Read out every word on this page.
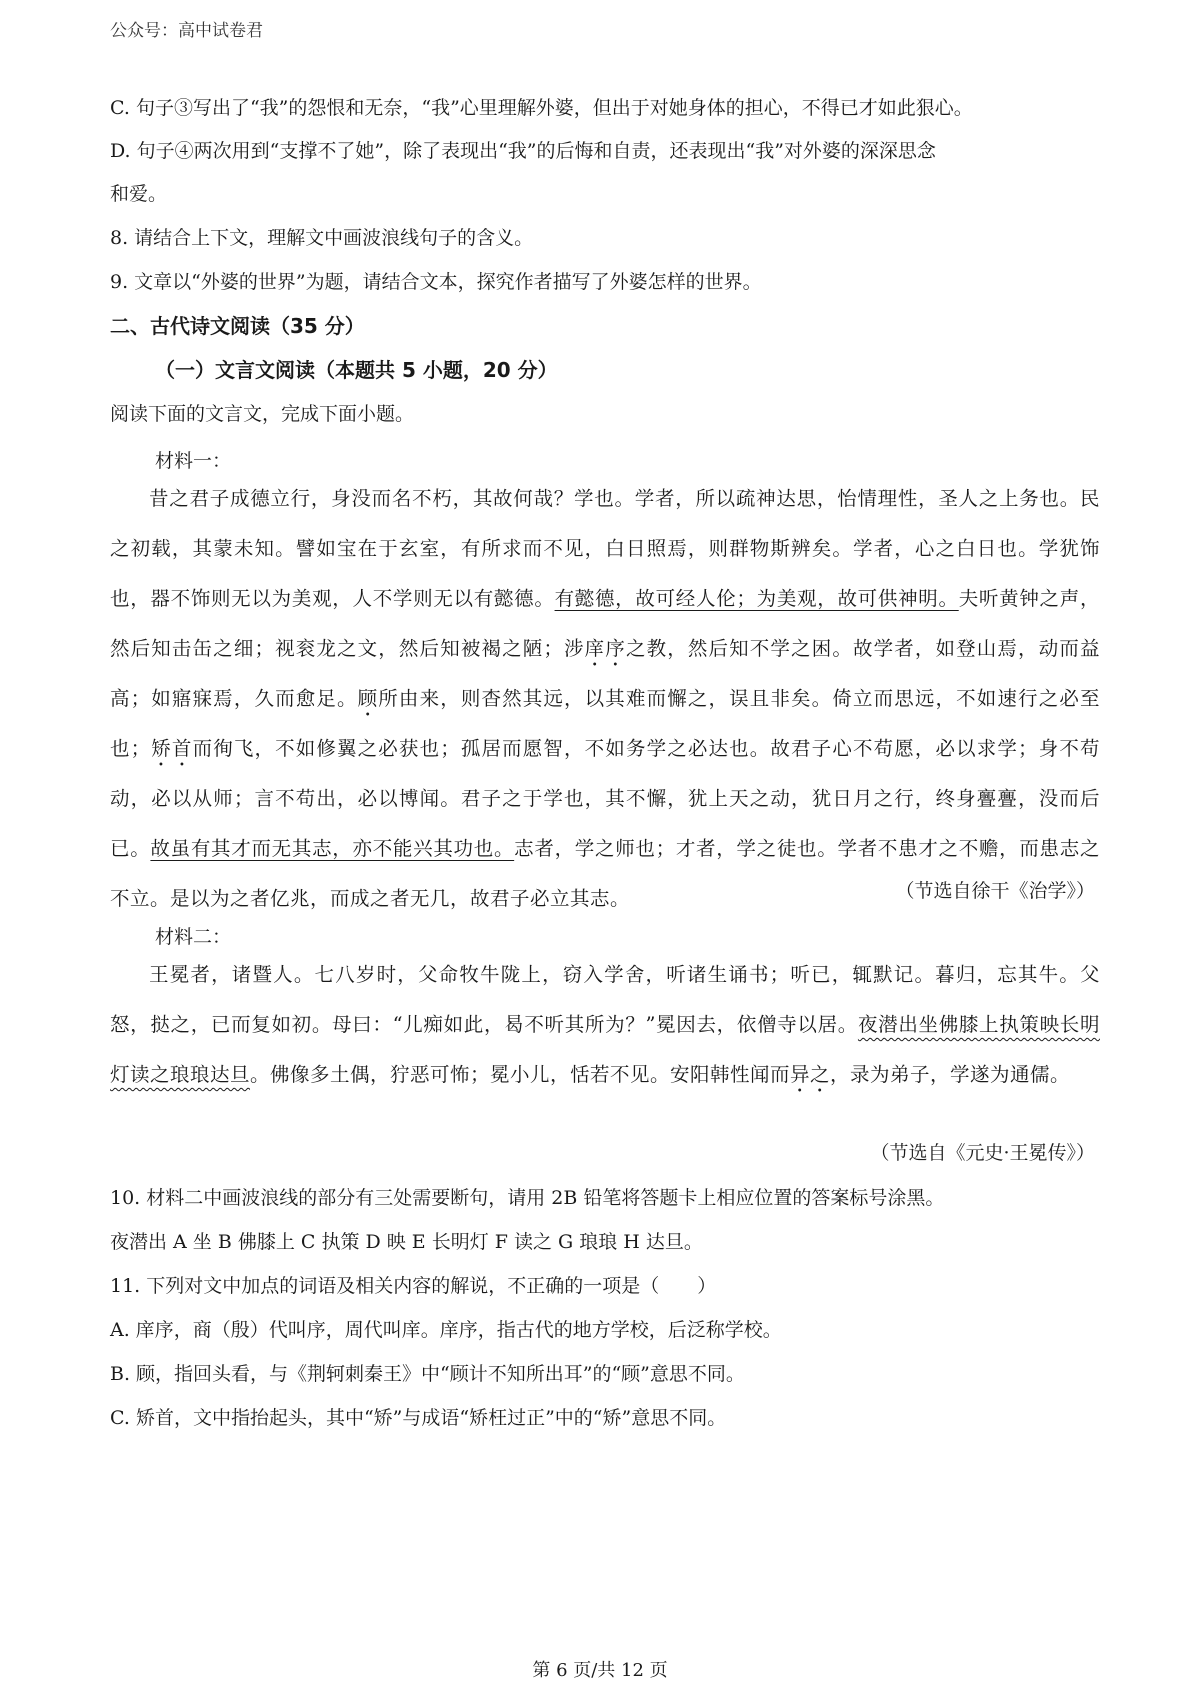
公众号：高中试卷君
C. 句子③写出了“我”的怨恨和无奈，“我”心里理解外婆，但出于对她身体的担心，不得已才如此狠心。
D. 句子④两次用到“支撑不了她”，除了表现出“我”的后悔和自责，还表现出“我”对外婆的深深思念
和爱。
8. 请结合上下文，理解文中画波浪线句子的含义。
9. 文章以“外婆的世界”为题，请结合文本，探究作者描写了外婆怎样的世界。
二、古代诗文阅读（35 分）
（一）文言文阅读（本题共 5 小题，20 分）
阅读下面的文言文，完成下面小题。
材料一：

昔之君子成德立行，身没而名不朽，其故何哉？学也。学者，所以疏神达思，怡情理性，圣人之上务也。民之初载，其蒙未知。譬如宝在于玄室，有所求而不见，白日照焉，则群物斯辨矣。学者，心之白日也。学犹饰也，器不饰则无以为美观，人不学则无以有懿德。有懿德，故可经人伦；为美观，故可供神明。夫听黄钟之声，然后知击缶之细；视衮龙之文，然后知被褐之陋；涉庠序之教，然后知不学之困。故学者，如登山焉，动而益高；如寤寐焉，久而愈足。顾所由来，则杳然其远，以其难而懈之，误且非矣。倚立而思远，不如速行之必至也；矫首而徇飞，不如修翼之必获也；孤居而愿智，不如务学之必达也。故君子心不苟愿，必以求学；身不苟动，必以从师；言不苟出，必以博闻。君子之于学也，其不懈，犹上天之动，犹日月之行，终身亹亹，没而后已。故虽有其才而无其志，亦不能兴其功也。志者，学之师也；才者，学之徒也。学者不患才之不赡，而患志之不立。是以为之者亿兆，而成之者无几，故君子必立其志。	（节选自徐干《治学》）
材料二：

王冕者，诸暨人。七八岁时，父命牧牛陇上，窃入学舍，听诸生诵书；听已，辄默记。暮归，忘其牛。父怒，挞之，已而复如初。母曰：“儿痴如此，曷不听其所为？”冕因去，依僧寺以居。夜潜出坐佛膝上执策映长明灯读之琅琅达旦。佛像多土偶，狞恶可怖；冕小儿，恬若不见。安阳韩性闻而异之，录为弟子，学遂为通儒。

（节选自《元史·王冕传》）
10. 材料二中画波浪线的部分有三处需要断句，请用 2B 铅笔将答题卡上相应位置的答案标号涂黑。
夜潜出 A 坐 B 佛膝上 C 执策 D 映 E 长明灯 F 读之 G 琅琅 H 达旦。
11. 下列对文中加点的词语及相关内容的解说，不正确的一项是（　　）
A. 庠序，商（殷）代叫序，周代叫庠。庠序，指古代的地方学校，后泛称学校。
B. 顾，指回头看，与《荆轲刺秦王》中“顾计不知所出耳”的“顾”意思不同。
C. 矫首，文中指抬起头，其中“矫”与成语“矫枉过正”中的“矫”意思不同。
第 6 页/共 12 页
